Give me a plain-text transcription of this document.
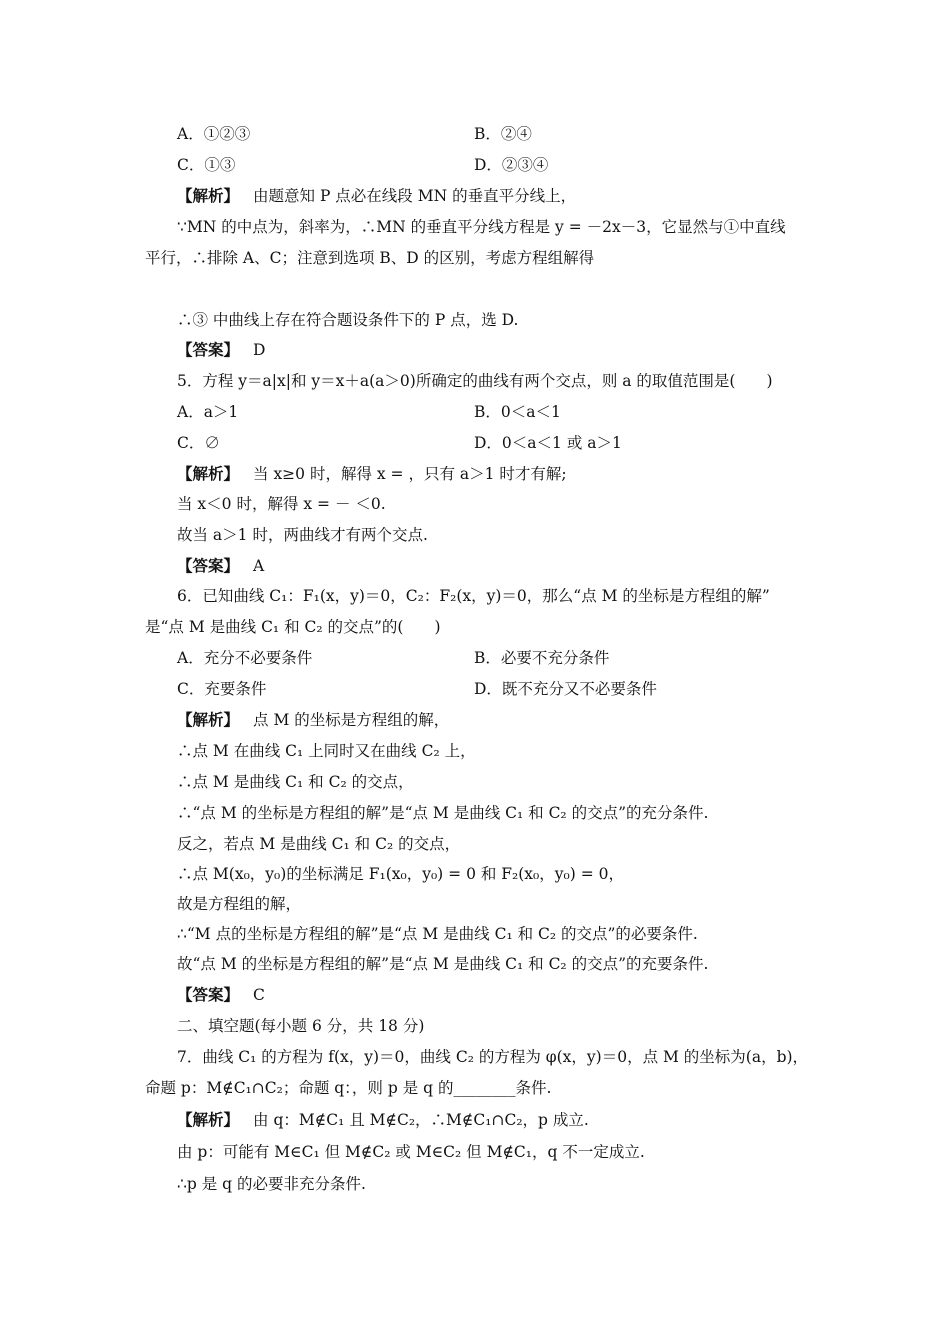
A．①②③	B．②④
C．①③	D．②③④
【解析】 由题意知 P 点必在线段 MN 的垂直平分线上，
∵MN 的中点为，斜率为，∴MN 的垂直平分线方程是 y = －2x－3，它显然与①中直线
平行，∴排除 A、C；注意到选项 B、D 的区别，考虑方程组解得
∴③ 中曲线上存在符合题设条件下的 P 点，选 D.
【答案】 D
5．方程 y＝a|x|和 y＝x＋a(a＞0)所确定的曲线有两个交点，则 a 的取值范围是(　　)
A．a＞1	B．0＜a＜1
C．∅	D．0＜a＜1 或 a＞1
【解析】 当 x≥0 时，解得 x = ，只有 a＞1 时才有解;
当 x＜0 时，解得 x = － ＜0.
故当 a＞1 时，两曲线才有两个交点.
【答案】 A
6．已知曲线 C₁：F₁(x，y)＝0，C₂：F₂(x，y)＝0，那么“点 M 的坐标是方程组的解”
是“点 M 是曲线 C₁ 和 C₂ 的交点”的(　　)
A．充分不必要条件	B．必要不充分条件
C．充要条件	D．既不充分又不必要条件
【解析】 点 M 的坐标是方程组的解，
∴点 M 在曲线 C₁ 上同时又在曲线 C₂ 上，
∴点 M 是曲线 C₁ 和 C₂ 的交点，
∴“点 M 的坐标是方程组的解”是“点 M 是曲线 C₁ 和 C₂ 的交点”的充分条件.
反之，若点 M 是曲线 C₁ 和 C₂ 的交点，
∴点 M(x₀，y₀)的坐标满足 F₁(x₀，y₀) = 0 和 F₂(x₀，y₀) = 0，
故是方程组的解，
∴“M 点的坐标是方程组的解”是“点 M 是曲线 C₁ 和 C₂ 的交点”的必要条件.
故“点 M 的坐标是方程组的解”是“点 M 是曲线 C₁ 和 C₂ 的交点”的充要条件.
【答案】 C
二、填空题(每小题 6 分，共 18 分)
7．曲线 C₁ 的方程为 f(x，y)＝0，曲线 C₂ 的方程为 φ(x，y)＝0，点 M 的坐标为(a，b)，
命题 p：M∉C₁∩C₂；命题 q：，则 p 是 q 的________条件.
【解析】 由 q：M∉C₁ 且 M∉C₂，∴M∉C₁∩C₂，p 成立.
由 p：可能有 M∈C₁ 但 M∉C₂ 或 M∈C₂ 但 M∉C₁，q 不一定成立.
∴p 是 q 的必要非充分条件.
